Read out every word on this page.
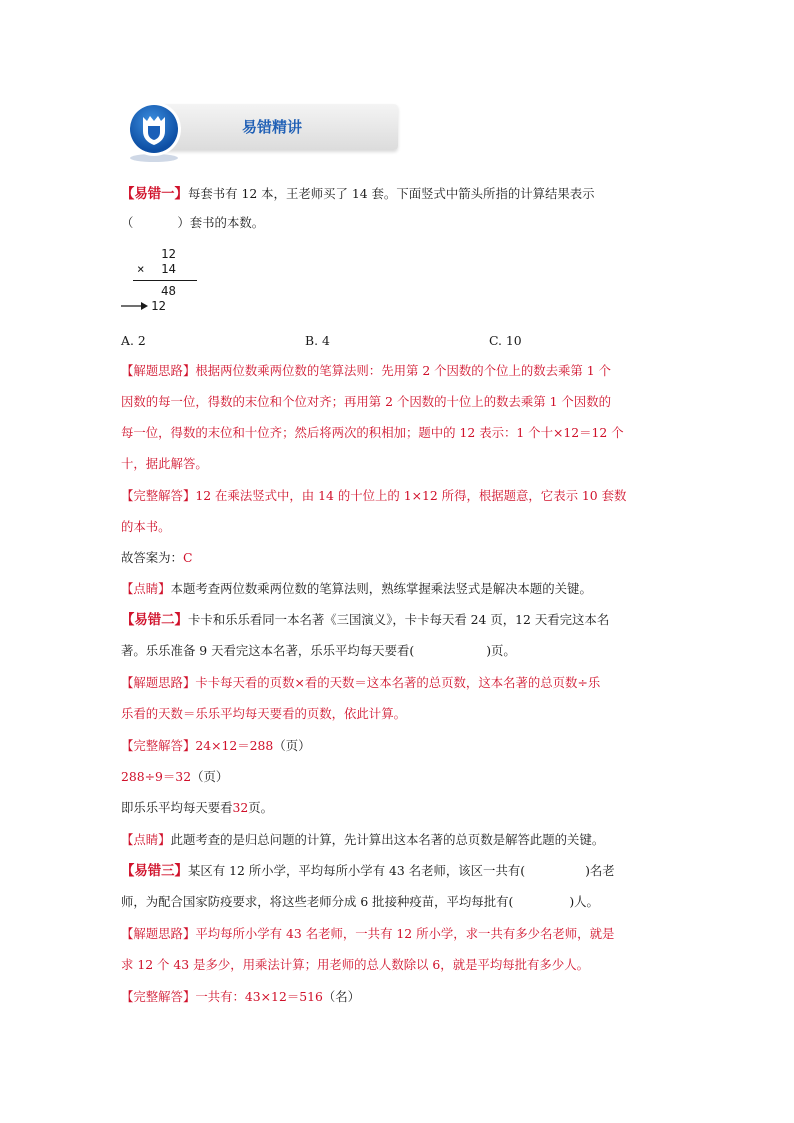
易错精讲
【易错一】每套书有 12 本，王老师买了 14 套。下面竖式中箭头所指的计算结果表示
（	）套书的本数。
12
× 14
48
12
A. 2	B. 4	C. 10
【解题思路】根据两位数乘两位数的笔算法则：先用第 2 个因数的个位上的数去乘第 1 个
因数的每一位，得数的末位和个位对齐；再用第 2 个因数的十位上的数去乘第 1 个因数的
每一位，得数的末位和十位齐；然后将两次的积相加；题中的 12 表示：1 个十×12＝12 个
十，据此解答。
【完整解答】12 在乘法竖式中，由 14 的十位上的 1×12 所得，根据题意，它表示 10 套数
的本书。
故答案为：C
【点睛】本题考查两位数乘两位数的笔算法则，熟练掌握乘法竖式是解决本题的关键。
【易错二】卡卡和乐乐看同一本名著《三国演义》，卡卡每天看 24 页，12 天看完这本名
著。乐乐准备 9 天看完这本名著，乐乐平均每天要看(	)页。
【解题思路】卡卡每天看的页数×看的天数＝这本名著的总页数，这本名著的总页数÷乐
乐看的天数＝乐乐平均每天要看的页数，依此计算。
【完整解答】24×12＝288（页）
288÷9＝32（页）
即乐乐平均每天要看32页。
【点睛】此题考查的是归总问题的计算，先计算出这本名著的总页数是解答此题的关键。
【易错三】某区有 12 所小学，平均每所小学有 43 名老师，该区一共有(	)名老
师，为配合国家防疫要求，将这些老师分成 6 批接种疫苗，平均每批有(	)人。
【解题思路】平均每所小学有 43 名老师，一共有 12 所小学，求一共有多少名老师，就是
求 12 个 43 是多少，用乘法计算；用老师的总人数除以 6，就是平均每批有多少人。
【完整解答】一共有：43×12＝516（名）
